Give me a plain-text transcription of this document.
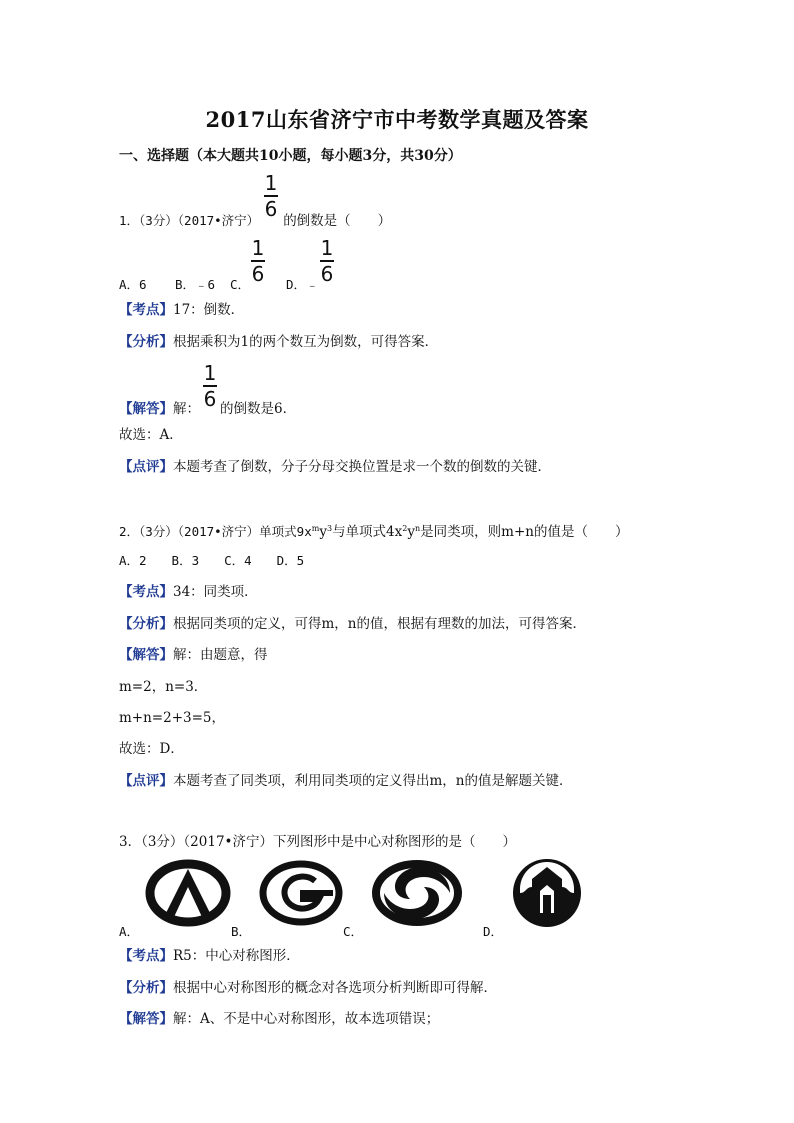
2017山东省济宁市中考数学真题及答案
一、选择题（本大题共10小题，每小题3分，共30分）
1
6
1．（3分）（2017•济宁） 的倒数是（　　）
1
6
1
6
A．6 B．﹣6 C．	D．﹣
【考点】17：倒数．
【分析】根据乘积为1的两个数互为倒数，可得答案．
1
6
【解答】解： 的倒数是6．
故选：A．
【点评】本题考查了倒数，分子分母交换位置是求一个数的倒数的关键．
2．（3分）（2017•济宁）单项式$9x^my^3$与单项式$4x^2y^n$是同类项，则m+n的值是（　　）
A．2　　B．3　　C．4　　D．5
【考点】34：同类项．
【分析】根据同类项的定义，可得m，n的值，根据有理数的加法，可得答案．
【解答】解：由题意，得
m=2，n=3．
m+n=2+3=5，
故选：D．
【点评】本题考查了同类项，利用同类项的定义得出m，n的值是解题关键．
3．（3分）（2017•济宁）下列图形中是中心对称图形的是（　　）
A．	B．	C．	D．
【考点】R5：中心对称图形．
【分析】根据中心对称图形的概念对各选项分析判断即可得解．
【解答】解：A、不是中心对称图形，故本选项错误；
